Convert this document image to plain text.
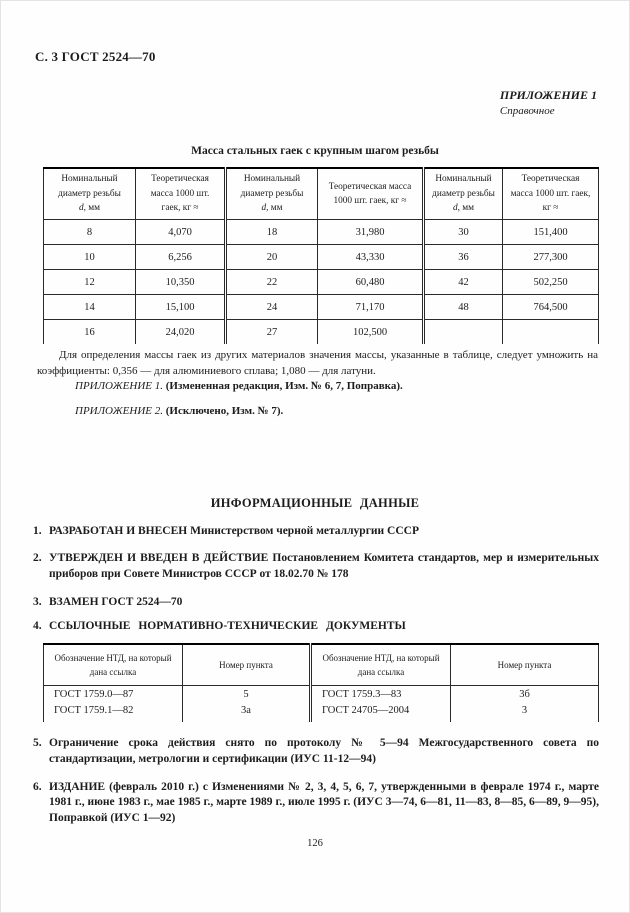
С. 3 ГОСТ 2524—70
ПРИЛОЖЕНИЕ 1
Справочное
Масса стальных гаек с крупным шагом резьбы
Номинальный диаметр резьбы
d, мм	Теоретическая масса 1000 шт. гаек, кг ≈	Номинальный диаметр резьбы
d, мм	Теоретическая масса 1000 шт. гаек, кг ≈	Номинальный диаметр резьбы
d, мм	Теоретическая масса 1000 шт. гаек, кг ≈
8	4,070	18	31,980	30	151,400
10	6,256	20	43,330	36	277,300
12	10,350	22	60,480	42	502,250
14	15,100	24	71,170	48	764,500
16	24,020	27	102,500		

Для определения массы гаек из других материалов значения массы, указанные в таблице, следует умножить на коэффициенты: 0,356 — для алюминиевого сплава; 1,080 — для латуни.

ПРИЛОЖЕНИЕ 1. (Измененная редакция, Изм. № 6, 7, Поправка).
ПРИЛОЖЕНИЕ 2. (Исключено, Изм. № 7).
ИНФОРМАЦИОННЫЕ ДАННЫЕ
1. РАЗРАБОТАН И ВНЕСЕН Министерством черной металлургии СССР
2. УТВЕРЖДЕН И ВВЕДЕН В ДЕЙСТВИЕ Постановлением Комитета стандартов, мер и измерительных приборов при Совете Министров СССР от 18.02.70 № 178
3. ВЗАМЕН ГОСТ 2524—70
4. ССЫЛОЧНЫЕ НОРМАТИВНО-ТЕХНИЧЕСКИЕ ДОКУМЕНТЫ
Обозначение НТД, на который дана ссылка	Номер пункта	Обозначение НТД, на который дана ссылка	Номер пункта
ГОСТ 1759.0—87	5	ГОСТ 1759.3—83	3б
ГОСТ 1759.1—82	3а	ГОСТ 24705—2004	3
5. Ограничение срока действия снято по протоколу № 5—94 Межгосударственного совета по стандартизации, метрологии и сертификации (ИУС 11-12—94)
6. ИЗДАНИЕ (февраль 2010 г.) с Изменениями № 2, 3, 4, 5, 6, 7, утвержденными в феврале 1974 г., марте 1981 г., июне 1983 г., мае 1985 г., марте 1989 г., июле 1995 г. (ИУС 3—74, 6—81, 11—83, 8—85, 6—89, 9—95), Поправкой (ИУС 1—92)
126
